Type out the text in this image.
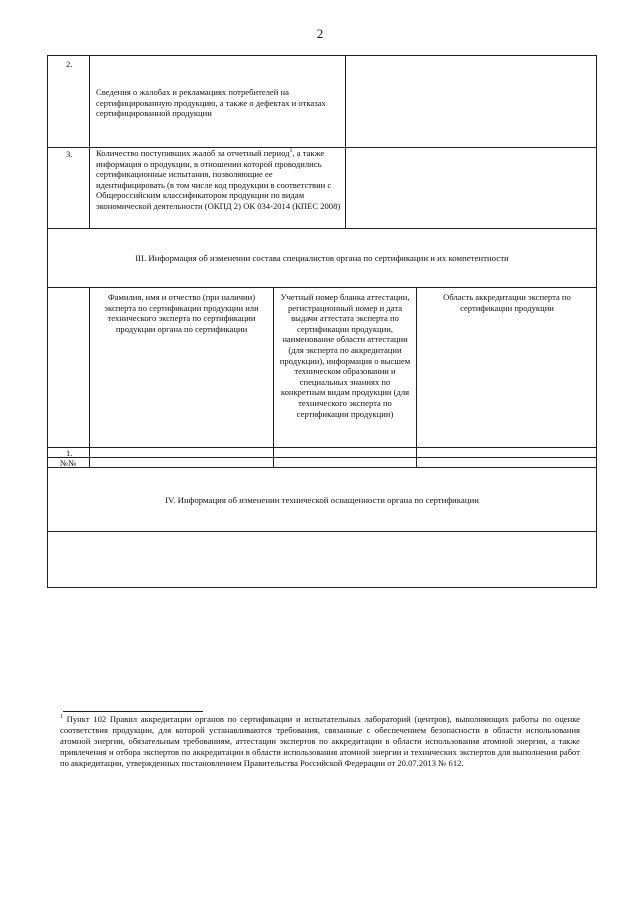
2
2.
Сведения о жалобах и рекламациях потребителей на сертифицированную продукцию, а также о дефектах и отказах сертифицированной продукции
3.	Количество поступивших жалоб за отчетный период$^1$, а также информация о продукции, в отношении которой проводились сертификационные испытания, позволяющие ее идентифицировать (в том числе код продукции в соответствии с Общероссийским классификатором продукции по видам экономической деятельности (ОКПД 2) ОК 034-2014 (КПЕС 2008)
III. Информация об изменении состава специалистов органа по сертификации и их компетентности
Фамилия, имя и отчество (при наличии) эксперта по сертификации продукции или технического эксперта по сертификации продукции органа по сертификации
Учетный номер бланка аттестации, регистрационный номер и дата выдачи аттестата эксперта по сертификации продукции, наименование области аттестации (для эксперта по аккредитации продукции), информация о высшем техническом образовании и специальных знаниях по конкретным видам продукции (для технического эксперта по сертификации продукции)
Область аккредитации эксперта по сертификации продукции
1.
№№
IV. Информация об изменении технической оснащенности органа по сертификации
$^1$ Пункт 102 Правил аккредитации органов по сертификации и испытательных лабораторий (центров), выполняющих работы по оценке соответствия продукции, для которой устанавливаются требования, связанные с обеспечением безопасности в области использования атомной энергии, обязательным требованиям, аттестации экспертов по аккредитации в области использования атомной энергии, а также привлечения и отбора экспертов по аккредитации в области использования атомной энергии и технических экспертов для выполнения работ по аккредитации, утвержденных постановлением Правительства Российской Федерации от 20.07.2013 № 612.
